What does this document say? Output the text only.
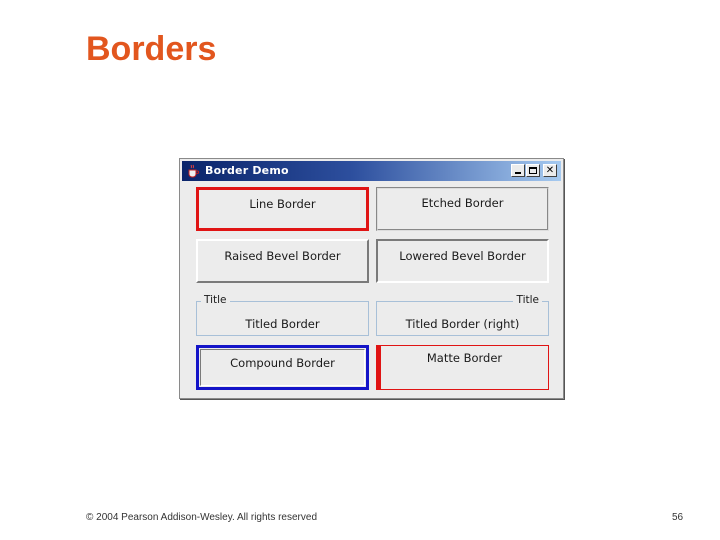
Borders
Border Demo	✕
Line Border	Etched Border
Raised Bevel Border	Lowered Bevel Border
Title
Titled Border
Title
Titled Border (right)
Compound Border	Matte Border
© 2004 Pearson Addison-Wesley. All rights reserved	56
